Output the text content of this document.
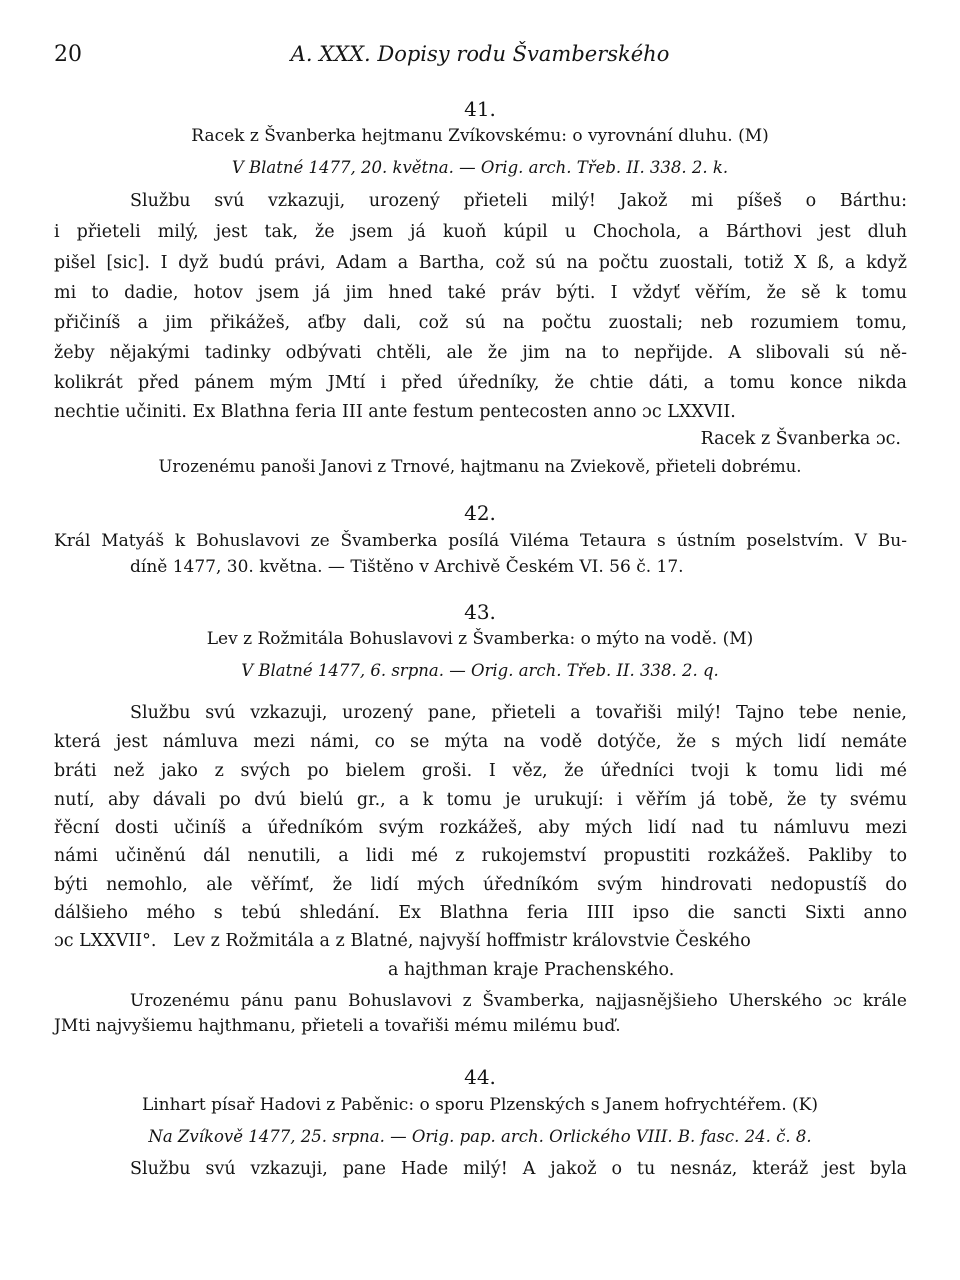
20	A. XXX. Dopisy rodu Švamberského
41.
Racek z Švanberka hejtmanu Zvíkovskému: o vyrovnání dluhu. (M)
V Blatné 1477, 20. května. — Orig. arch. Třeb. II. 338. 2. k.
Službu svú vzkazuji, urozený přieteli milý! Jakož mi píšeš o Bárthu:
i přieteli milý, jest tak, že jsem já kuoň kúpil u Chochola, a Bárthovi jest dluh
pišel [sic]. I dyž budú právi, Adam a Bartha, což sú na počtu zuostali, totiž X ß, a když
mi to dadie, hotov jsem já jim hned také práv býti. I vždyť věřím, že sě k tomu
přičiníš a jim přikážeš, aťby dali, což sú na počtu zuostali; neb rozumiem tomu,
žeby nějakými tadinky odbývati chtěli, ale že jim na to nepřijde. A slibovali sú ně-
kolikrát před pánem mým JMtí i před úředníky, že chtie dáti, a tomu konce nikda
nechtie učiniti. Ex Blathna feria III ante festum pentecosten anno ɔc LXXVII.
Racek z Švanberka ɔc.
Urozenému panoši Janovi z Trnové, hajtmanu na Zviekově, přieteli dobrému.
42.
Král Matyáš k Bohuslavovi ze Švamberka posílá Viléma Tetaura s ústním poselstvím. V Bu-
díně 1477, 30. května. — Tištěno v Archivě Českém VI. 56 č. 17.
43.
Lev z Rožmitála Bohuslavovi z Švamberka: o mýto na vodě. (M)
V Blatné 1477, 6. srpna. — Orig. arch. Třeb. II. 338. 2. q.
Službu svú vzkazuji, urozený pane, přieteli a tovařiši milý! Tajno tebe nenie,
která jest námluva mezi námi, co se mýta na vodě dotýče, že s mých lidí nemáte
bráti než jako z svých po bielem groši. I věz, že úředníci tvoji k tomu lidi mé
nutí, aby dávali po dvú bielú gr., a k tomu je urukují: i věřím já tobě, že ty svému
řěcní dosti učiníš a úředníkóm svým rozkážeš, aby mých lidí nad tu námluvu mezi
námi učiněnú dál nenutili, a lidi mé z rukojemství propustiti rozkážeš. Pakliby to
býti nemohlo, ale věřímť, že lidí mých úředníkóm svým hindrovati nedopustíš do
dálšieho mého s tebú shledání. Ex Blathna feria IIII ipso die sancti Sixti anno
ɔc LXXVII°.   Lev z Rožmitála a z Blatné, najvyší hoffmistr královstvie Českého
a hajthman kraje Prachenského.
Urozenému pánu panu Bohuslavovi z Švamberka, najjasnějšieho Uherského ɔc krále
JMti najvyšiemu hajthmanu, přieteli a tovařiši mému milému buď.
44.
Linhart písař Hadovi z Paběnic: o sporu Plzenských s Janem hofrychtéřem. (K)
Na Zvíkově 1477, 25. srpna. — Orig. pap. arch. Orlického VIII. B. fasc. 24. č. 8.
Službu svú vzkazuji, pane Hade milý! A jakož o tu nesnáz, kteráž jest byla
